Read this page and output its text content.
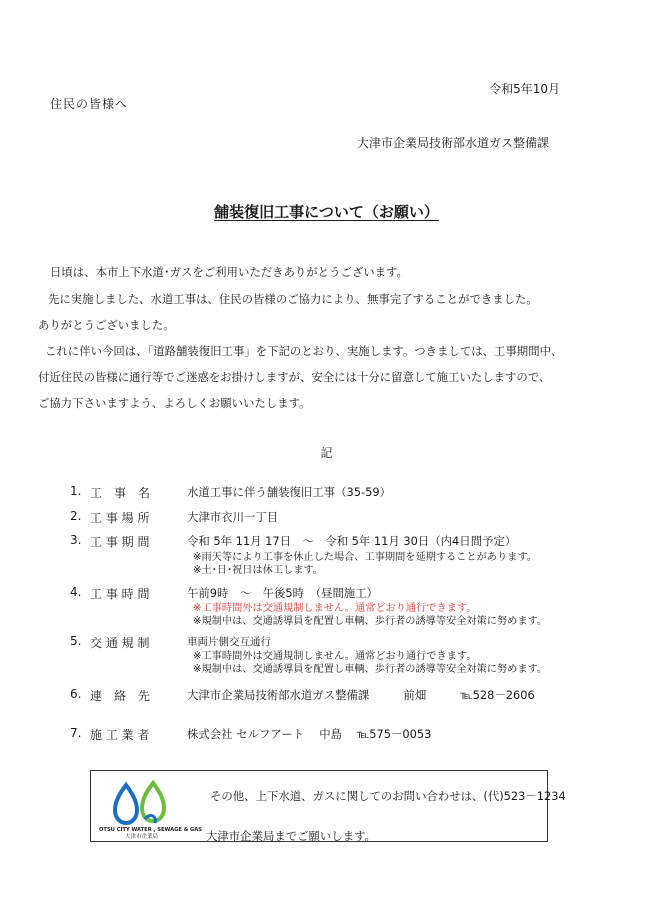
令和5年10月
住民の皆様へ
大津市企業局技術部水道ガス整備課
舗装復旧工事について（お願い）
日頃は、本市上下水道･ガスをご利用いただきありがとうございます。
先に実施しました、水道工事は、住民の皆様のご協力により、無事完了することができました。
ありがとうございました。
これに伴い今回は、「道路舗装復旧工事」を下記のとおり、実施します。つきましては、工事期間中、
付近住民の皆様に通行等でご迷惑をお掛けしますが、安全には十分に留意して施工いたしますので、
ご協力下さいますよう、よろしくお願いいたします。
記
1. 工　事　名	水道工事に伴う舗装復旧工事（35-59）
2. 工 事 場 所	大津市衣川一丁目
3. 工 事 期 間	令和 5年 11月 17日　～　令和 5年 11月 30日（内4日間予定）
※雨天等により工事を休止した場合、工事期間を延期することがあります。
※土･日･祝日は休工します。
4. 工 事 時 間	午前9時　～　午後5時　（昼間施工）
※工事時間外は交通規制しません。通常どおり通行できます。
※規制中は、交通誘導員を配置し車輌、歩行者の誘導等安全対策に努めます。
5. 交 通 規 制	車両片側交互通行
※工事時間外は交通規制しません。通常どおり通行できます。
※規制中は、交通誘導員を配置し車輌、歩行者の誘導等安全対策に努めます。
6. 連　絡　先	大津市企業局技術部水道ガス整備課　　　前畑　　　℡528－2606
7. 施 工 業 者	株式会社 セルフアート　 中島　 ℡575－0053
OTSU CITY WATER , SEWAGE & GAS
大津市企業局
その他、上下水道、ガスに関してのお問い合わせは、(代)523－1234
大津市企業局までご願いします。
